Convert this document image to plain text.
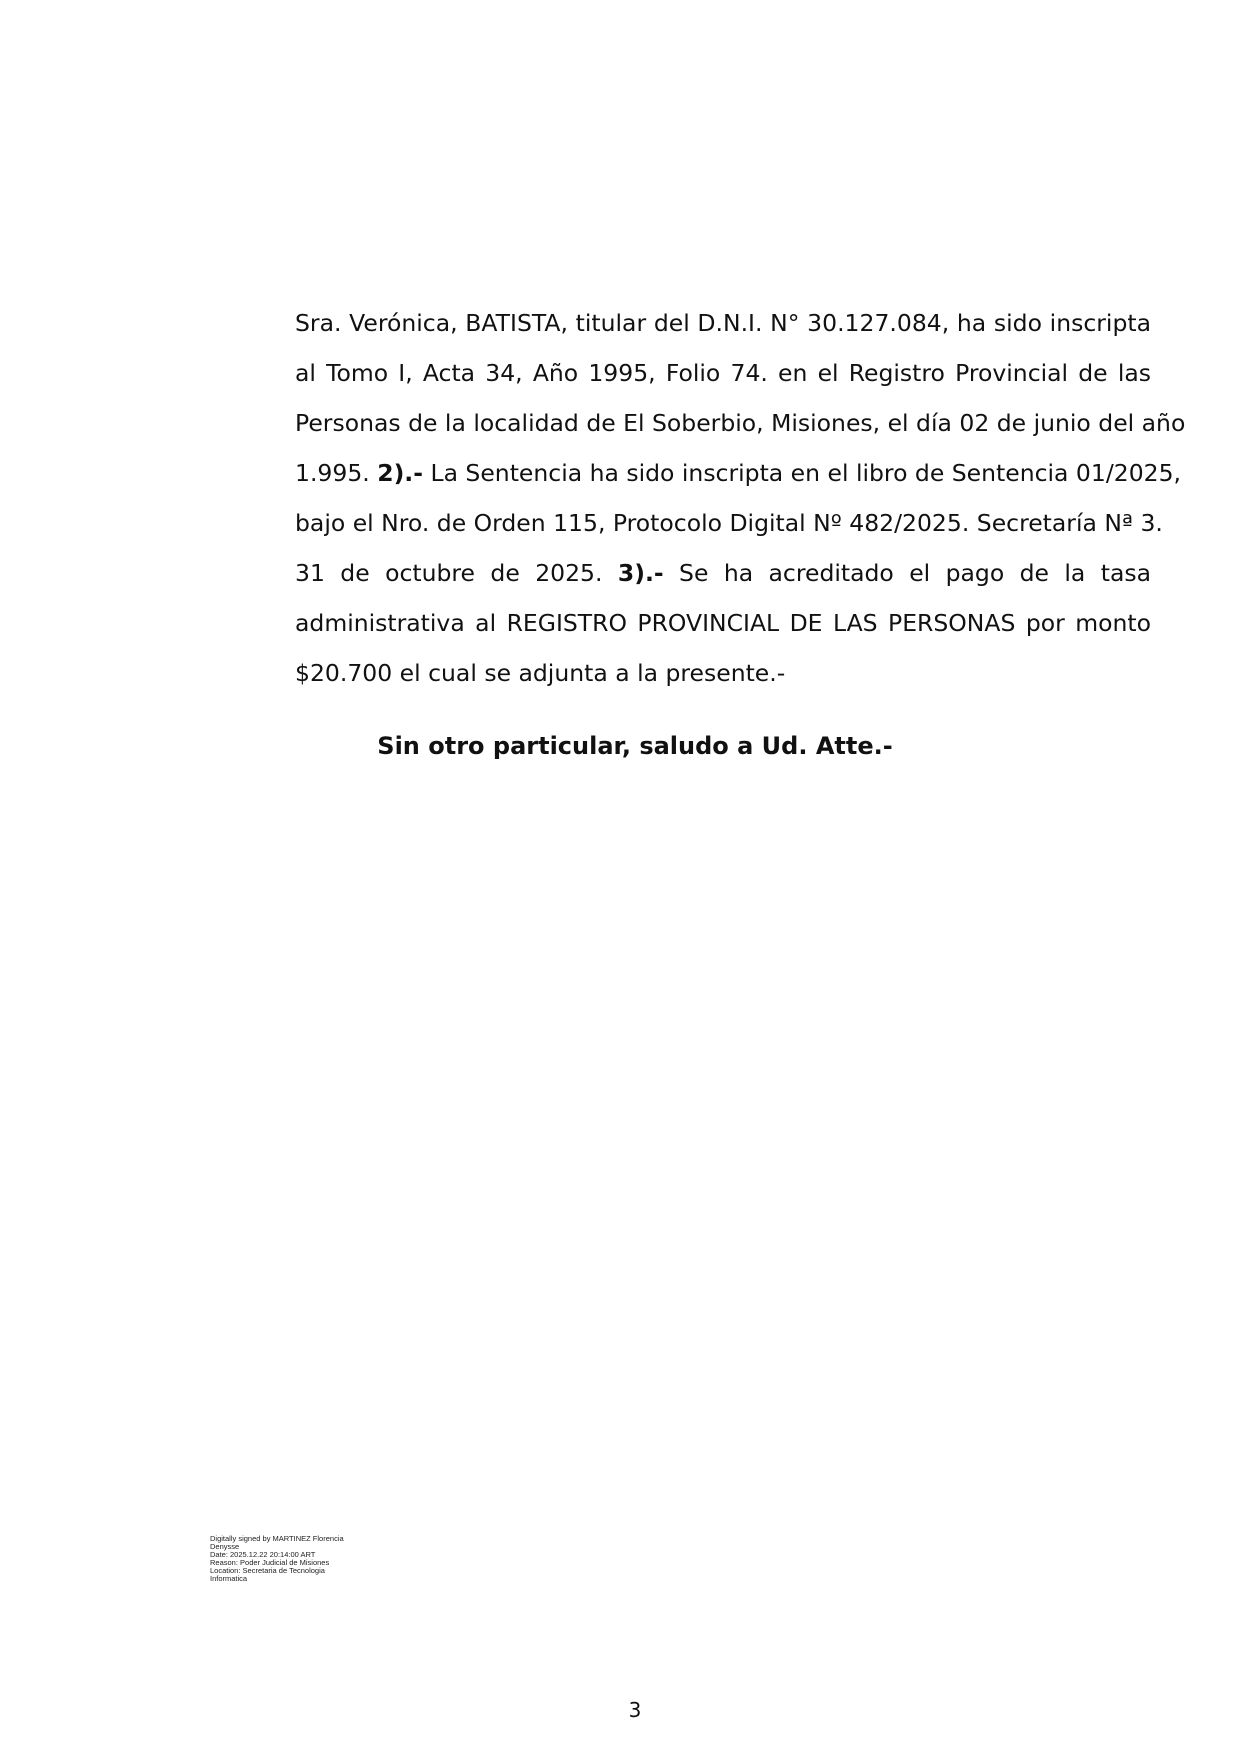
Sra. Verónica, BATISTA, titular del D.N.I. N° 30.127.084, ha sido inscripta
al Tomo I, Acta 34, Año 1995, Folio 74. en el Registro Provincial de las
Personas de la localidad de El Soberbio, Misiones, el día 02 de junio del año
1.995. 2).- La Sentencia ha sido inscripta en el libro de Sentencia 01/2025,
bajo el Nro. de Orden 115, Protocolo Digital Nº 482/2025. Secretaría Nª 3.
31 de octubre de 2025. 3).- Se ha acreditado el pago de la tasa
administrativa al REGISTRO PROVINCIAL DE LAS PERSONAS por monto
$20.700 el cual se adjunta a la presente.-
Sin otro particular, saludo a Ud. Atte.-
Digitally signed by MARTINEZ Florencia
Denysse
Date: 2025.12.22 20:14:00 ART
Reason: Poder Judicial de Misiones
Location: Secretaria de Tecnologia
Informatica
3
